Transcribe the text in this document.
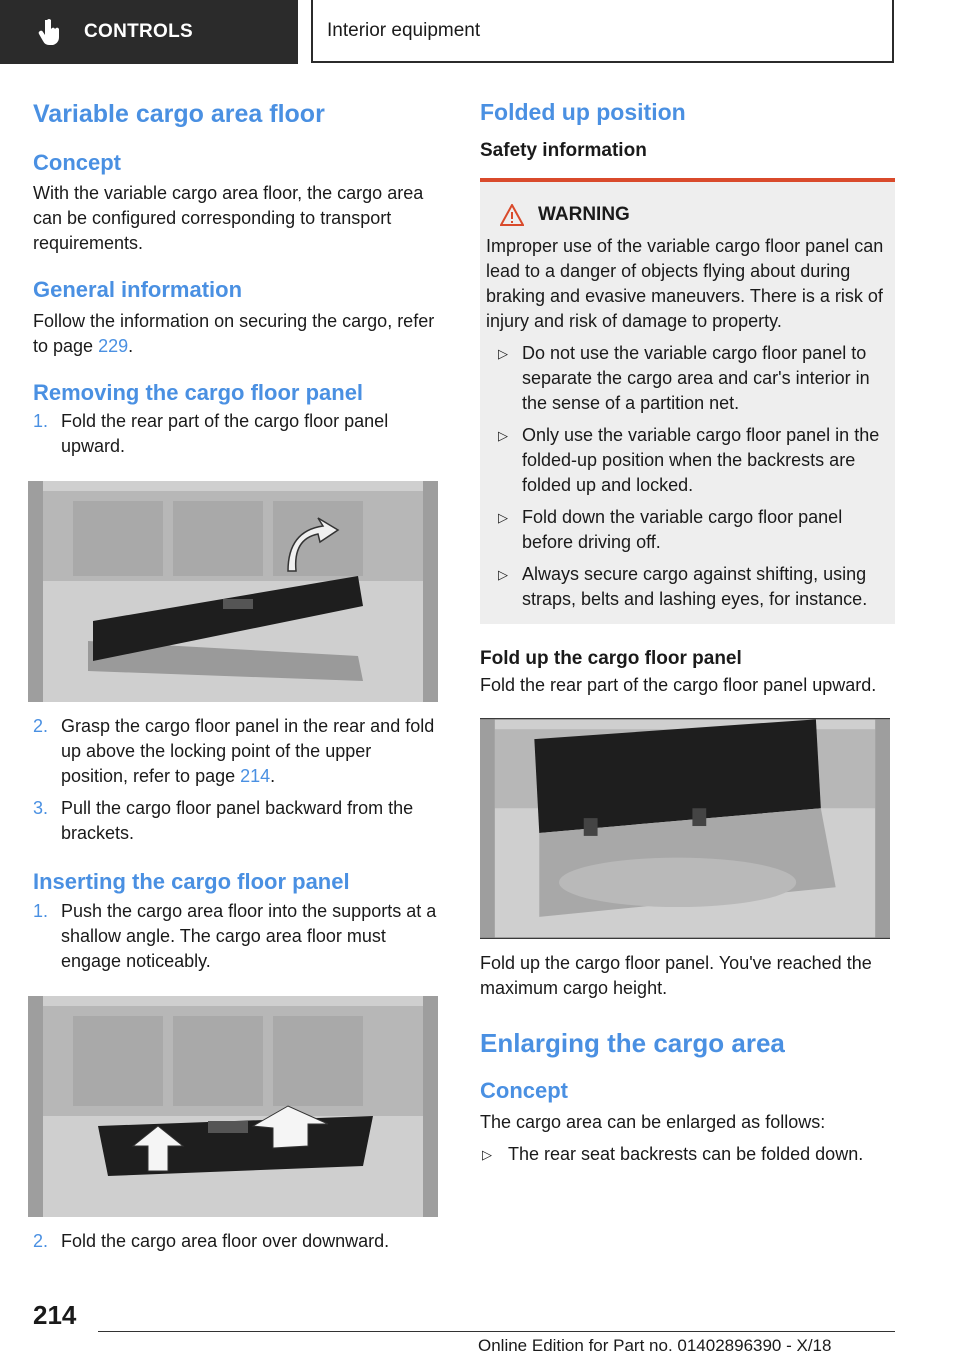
CONTROLS	Interior equipment
Variable cargo area floor
Concept

With the variable cargo area floor, the cargo area can be configured corresponding to transport requirements.

General information

Follow the information on securing the cargo, refer to page 229.

Removing the cargo floor panel
1. Fold the rear part of the cargo floor panel upward.
2. Grasp the cargo floor panel in the rear and fold up above the locking point of the upper position, refer to page 214.
3. Pull the cargo floor panel backward from the brackets.
Inserting the cargo floor panel
1. Push the cargo area floor into the supports at a shallow angle. The cargo area floor must engage noticeably.
2. Fold the cargo area floor over downward.
Folded up position
Safety information
WARNING

Improper use of the variable cargo floor panel can lead to a danger of objects flying about during braking and evasive maneuvers. There is a risk of injury and risk of damage to property.

▷ Do not use the variable cargo floor panel to separate the cargo area and car's interior in the sense of a partition net.
▷ Only use the variable cargo floor panel in the folded-up position when the backrests are folded up and locked.
▷ Fold down the variable cargo floor panel before driving off.
▷ Always secure cargo against shifting, using straps, belts and lashing eyes, for instance.
Fold up the cargo floor panel

Fold the rear part of the cargo floor panel upward.

Fold up the cargo floor panel. You've reached the maximum cargo height.

Enlarging the cargo area
Concept

The cargo area can be enlarged as follows:

▷ The rear seat backrests can be folded down.
214
Online Edition for Part no. 01402896390 - X/18
